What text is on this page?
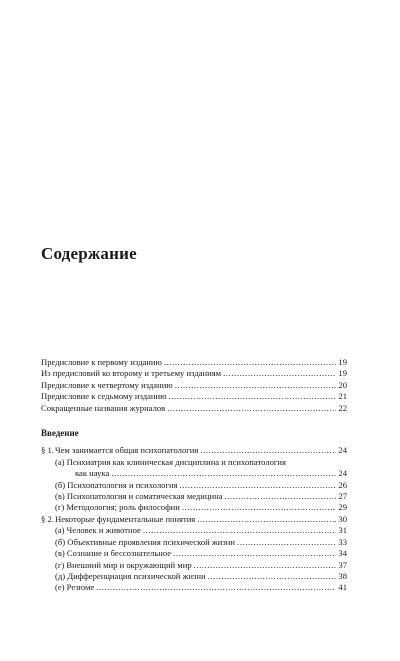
Содержание
Предисловие к первому изданию .....	19
Из предисловий ко второму и третьему изданиям .....	19
Предисловие к четвертому изданию .....	20
Предисловие к седьмому изданию .....	21
Сокращенные названия журналов .....	22
Введение
§ 1.Чем занимается общая психопатология .....	24
(а) Психиатрия как клиническая дисциплина и психопатология
как наука .....	24
(б) Психопатология и психология .....	26
(в) Психопатология и соматическая медицина .....	27
(г) Методология; роль философии .....	29
§ 2.Некоторые фундаментальные понятия .....	30
(а) Человек и животное .....	31
(б) Объективные проявления психической жизни .....	33
(в) Сознание и бессознательное .....	34
(г) Внешний мир и окружающий мир .....	37
(д) Дифференциация психической жизни .....	38
(е) Резюме .....	41
